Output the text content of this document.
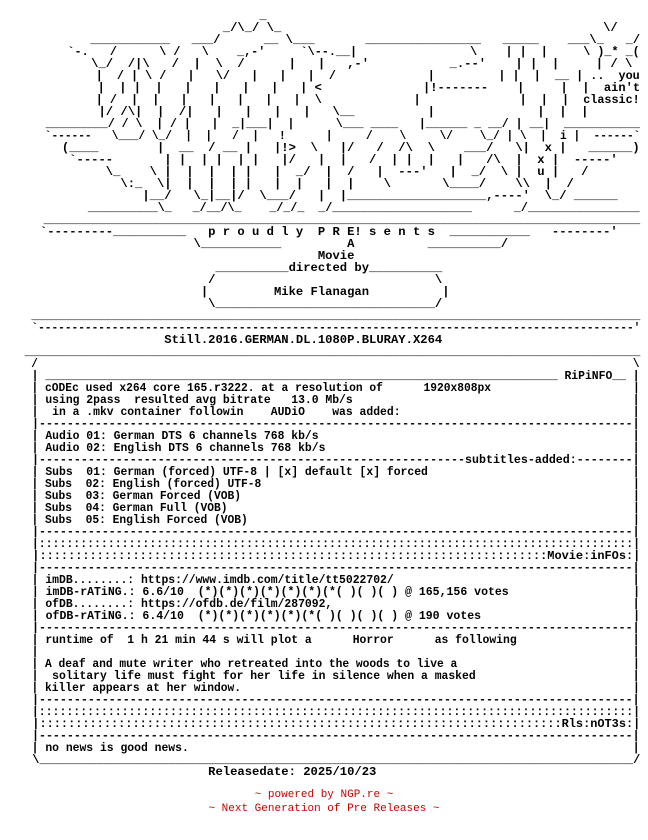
_
_/\_/ \_                                            \/
___________   ___/      __ \___       ________________   _____    ___\_   _/
`-.   /      \ /   \    _,-'     `\--.__|                \    | |  |     \ )_* _(
\_/  /|\   /  |  \  /      |   |   ,-'           _.--'    | |  |     | / \
|  / | \ /   |   \/   |   |   |  /             |         | |  |  __ | ..  you
|  | |  |   |   |   |   |   | <              |!-------    |     |  |  ain't
| /  |  |   |   |   |   |   |  \             |              |  |  |  classic!
|/ /\|  |  /|   |   |   |   |   \__          |              |  |  |
_________/ / \  | / |   |  _|___|  |      \___ ____   |______ _ __/ | __|  ___________
`------   \___/ \_/  |  |   /  |   !      |     /    \     \/    \_/ | \  |  i |  ------`
(____        |  __  / __ |   |!>  \   |/   /  /\  \    ___/   \|  x |   ______)
`-----       | |  | |  | |   |/   |  |   /  | |  |   |   /\  |  x |  -----'
\_    \ |  |  |  | |   |  _/  |  /   |  ---'   |  _/  \ |  u |   /
\:_  \|  |  |  | |   |  |   |  |    \       \____/    \\  |  /
|__/   \_|__|/  \___/   |  |___________________,----'  \_/ ______
__________\_   _/__/\_    _/_/_  _/____________________      _/________________
_____________________________________________________________________________________________
`---------__________   p r o u d l y  P R E! s e n t s  ___________   --------'
\___________         A          __________/
Movie
__________directed by__________
/                              \
|         Mike Flanagan          |
\______________________________/
___________________________________________________________________________________________
`-----------------------------------------------------------------------------------------'
Still.2016.GERMAN.DL.1080P.BLURAY.X264
____________________________________________________________________________________________
/                                                                                          \
| ___________________________________________________________________________ RiPiNFO__ |
| cODEc used x264 core 165.r3222. at a resolution of      1920x808px                     |
| using 2pass  resulted avg bitrate   13.0 Mb/s                                         |
|  in a .mkv container followin    AUDiO    was added:                                  |
|-------------------------------------------------------------------------------------|
| Audio 01: German DTS 6 channels 768 kb/s                                              |
| Audio 02: English DTS 6 channels 768 kb/s                                             |
|-------------------------------------------------------------subtitles-added:--------|
| Subs  01: German (forced) UTF-8 | [x] default [x] forced                              |
| Subs  02: English (forced) UTF-8                                                       |
| Subs  03: German Forced (VOB)                                                          |
| Subs  04: German Full (VOB)                                                            |
| Subs  05: English Forced (VOB)                                                         |
|-------------------------------------------------------------------------------------|
|::::::::::::::::::::::::::::::::::::::::::::::::::::::::::::::::::::::::::::::::::::::|
|:::::::::::::::::::::::::::::::::::::::::::::::::::::::::::::::::::::::Movie:inFOs:|
|-------------------------------------------------------------------------------------|
| imDB........: https://www.imdb.com/title/tt5022702/                                   |
| imDB-rATiNG.: 6.6/10  (*)(*)(*)(*)(*)(*)(*( )( )( ) @ 165,156 votes                  |
| ofDB........: https://ofdb.de/film/287092,                                            |
| ofDB-rATiNG.: 6.4/10  (*)(*)(*)(*)(*)(*( )( )( )( ) @ 190 votes                      |
|-------------------------------------------------------------------------------------|
| runtime of  1 h 21 min 44 s will plot a      Horror      as following                 |
|                                                                                       |
| A deaf and mute writer who retreated into the woods to live a                          |
|  solitary life must fight for her life in silence when a masked                       |
| killer appears at her window.                                                          |
|-------------------------------------------------------------------------------------|
|::::::::::::::::::::::::::::::::::::::::::::::::::::::::::::::::::::::::::::::::::::::|
|:::::::::::::::::::::::::::::::::::::::::::::::::::::::::::::::::::::::::Rls:nOT3s:|
|-------------------------------------------------------------------------------------|
| no news is good news.                                                                 |
\___________________________________________________________________________________/
Releasedate: 2025/10/23
~ powered by NGP.re ~
~ Next Generation of Pre Releases ~
